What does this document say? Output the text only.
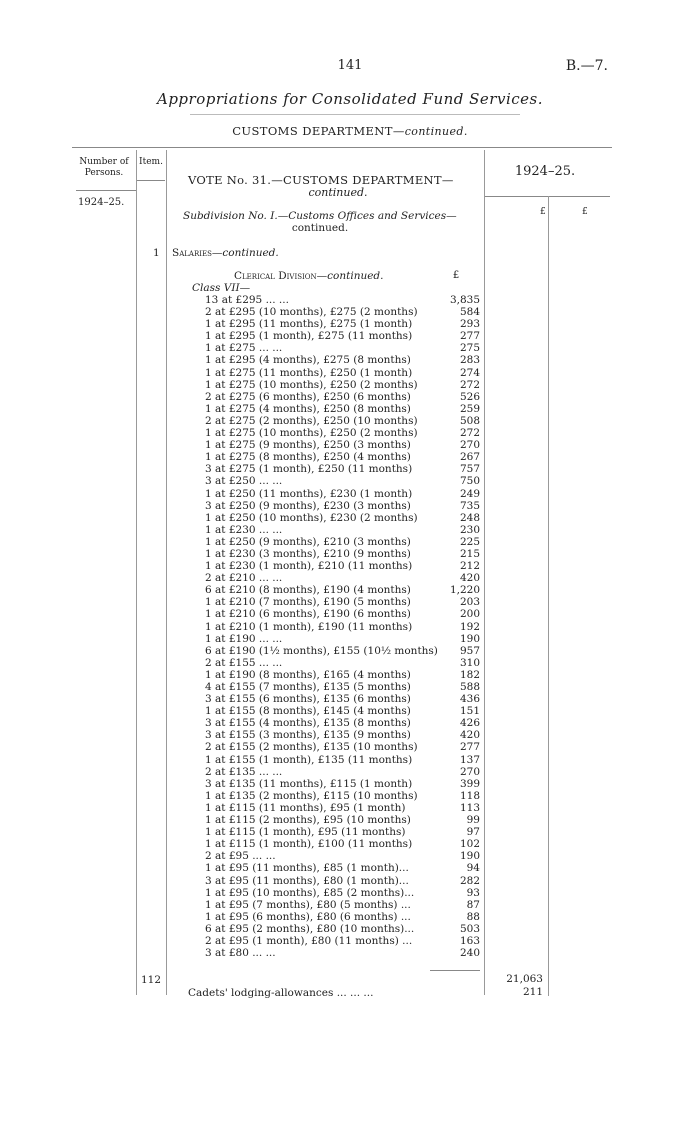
141	B.—7.
Appropriations for Consolidated Fund Services.
CUSTOMS DEPARTMENT—continued.
Number of Persons.
Item.
1924–25.
VOTE No. 31.—CUSTOMS DEPARTMENT—
continued.
1924–25.
£	£
Subdivision No. I.—Customs Offices and Services—
continued.
1 Salaries—continued.
Clerical Division—continued.
Class VII—
£
13 at £295 ... ...	3,835
2 at £295 (10 months), £275 (2 months)	584
1 at £295 (11 months), £275 (1 month)	293
1 at £295 (1 month), £275 (11 months)	277
1 at £275 ... ...	275
1 at £295 (4 months), £275 (8 months)	283
1 at £275 (11 months), £250 (1 month)	274
1 at £275 (10 months), £250 (2 months)	272
2 at £275 (6 months), £250 (6 months)	526
1 at £275 (4 months), £250 (8 months)	259
2 at £275 (2 months), £250 (10 months)	508
1 at £275 (10 months), £250 (2 months)	272
1 at £275 (9 months), £250 (3 months)	270
1 at £275 (8 months), £250 (4 months)	267
3 at £275 (1 month), £250 (11 months)	757
3 at £250 ... ...	750
1 at £250 (11 months), £230 (1 month)	249
3 at £250 (9 months), £230 (3 months)	735
1 at £250 (10 months), £230 (2 months)	248
1 at £230 ... ...	230
1 at £250 (9 months), £210 (3 months)	225
1 at £230 (3 months), £210 (9 months)	215
1 at £230 (1 month), £210 (11 months)	212
2 at £210 ... ...	420
6 at £210 (8 months), £190 (4 months)	1,220
1 at £210 (7 months), £190 (5 months)	203
1 at £210 (6 months), £190 (6 months)	200
1 at £210 (1 month), £190 (11 months)	192
1 at £190 ... ...	190
6 at £190 (1½ months), £155 (10½ months)	957
2 at £155 ... ...	310
1 at £190 (8 months), £165 (4 months)	182
4 at £155 (7 months), £135 (5 months)	588
3 at £155 (6 months), £135 (6 months)	436
1 at £155 (8 months), £145 (4 months)	151
3 at £155 (4 months), £135 (8 months)	426
3 at £155 (3 months), £135 (9 months)	420
2 at £155 (2 months), £135 (10 months)	277
1 at £155 (1 month), £135 (11 months)	137
2 at £135 ... ...	270
3 at £135 (11 months), £115 (1 month)	399
1 at £135 (2 months), £115 (10 months)	118
1 at £115 (11 months), £95 (1 month)	113
1 at £115 (2 months), £95 (10 months)	99
1 at £115 (1 month), £95 (11 months)	97
1 at £115 (1 month), £100 (11 months)	102
2 at £95 ... ...	190
1 at £95 (11 months), £85 (1 month)...	94
3 at £95 (11 months), £80 (1 month)...	282
1 at £95 (10 months), £85 (2 months)...	93
1 at £95 (7 months), £80 (5 months) ...	87
1 at £95 (6 months), £80 (6 months) ...	88
6 at £95 (2 months), £80 (10 months)...	503
2 at £95 (1 month), £80 (11 months) ...	163
3 at £80 ... ...	240
112	21,063
Cadets' lodging-allowances ... ... ...	211
